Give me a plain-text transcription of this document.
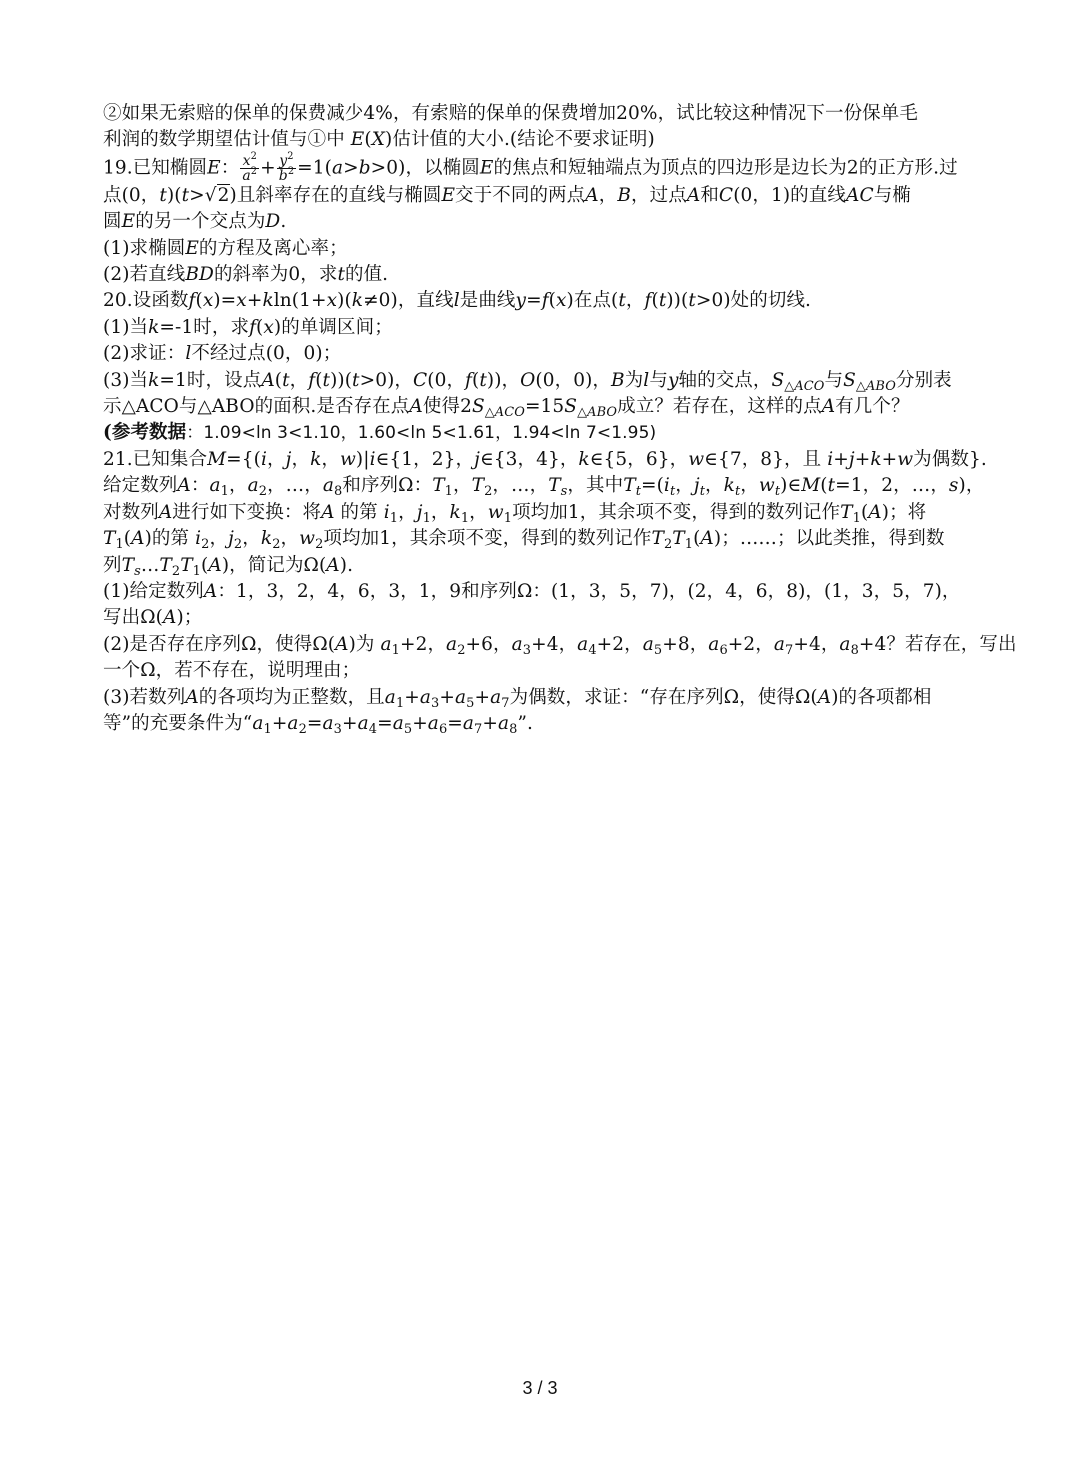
②如果无索赔的保单的保费减少4%，有索赔的保单的保费增加20%，试比较这种情况下一份保单毛
利润的数学期望估计值与①中 E(X)估计值的大小.(结论不要求证明)
19.已知椭圆E： $\frac{x^2}{a^2} + \frac{y^2}{b^2} =1(a>b>0)$，以椭圆E的焦点和短轴端点为顶点的四边形是边长为2的正方形.过
点(0，t)(t>√2)且斜率存在的直线与椭圆E交于不同的两点A，B，过点A和C(0，1)的直线AC与椭
圆E的另一个交点为D.
(1)求椭圆E的方程及离心率；
(2)若直线BD的斜率为0，求t的值.
20.设函数f(x)=x+kln(1+x)(k≠0)，直线l是曲线y=f(x)在点(t，f(t))(t>0)处的切线.
(1)当k=-1时，求f(x)的单调区间；
(2)求证：l不经过点(0，0)；
(3)当k=1时，设点A(t，f(t))(t>0)，C(0，f(t))，O(0，0)，B为l与y轴的交点，$S_{\triangle ACO}$与$S_{\triangle ABO}$分别表
示△ACO与△ABO的面积.是否存在点A使得$2S_{\triangle ACO}=15S_{\triangle ABO}$成立？若存在，这样的点A有几个？
(参考数据：1.09<ln 3<1.10，1.60<ln 5<1.61，1.94<ln 7<1.95)
21.已知集合M={(i，j，k，w)|i∈{1，2}，j∈{3，4}，k∈{5，6}，w∈{7，8}，且 i+j+k+w为偶数}.
给定数列A：$a_1$，$a_2$，…，$a_8$和序列Ω：$T_1$，$T_2$，…，$T_s$，其中$T_t=(i_t$，$j_t$，$k_t$，$w_t)\in M(t=1$，2，…，s)，
对数列A进行如下变换：将A 的第 $i_1$，$j_1$，$k_1$，$w_1$项均加1，其余项不变，得到的数列记作$T_1(A)$；将
$T_1(A)$的第 $i_2$，$j_2$，$k_2$，$w_2$项均加1，其余项不变，得到的数列记作$T_2T_1(A)$；……；以此类推，得到数
列$T_s\dots T_2T_1(A)$，简记为Ω(A).
(1)给定数列A：1，3，2，4，6，3，1，9和序列Ω：(1，3，5，7)，(2，4，6，8)，(1，3，5，7)，
写出Ω(A)；
(2)是否存在序列Ω，使得Ω(A)为 $a_1+2$，$a_2+6$，$a_3+4$，$a_4+2$，$a_5+8$，$a_6+2$，$a_7+4$，$a_8+4$？若存在，写出
一个Ω，若不存在，说明理由；
(3)若数列A的各项均为正整数，且$a_1+a_3+a_5+a_7$为偶数，求证：“存在序列Ω，使得Ω(A)的各项都相
等”的充要条件为“$a_1+a_2=a_3+a_4=a_5+a_6=a_7+a_8$”.
3 / 3
